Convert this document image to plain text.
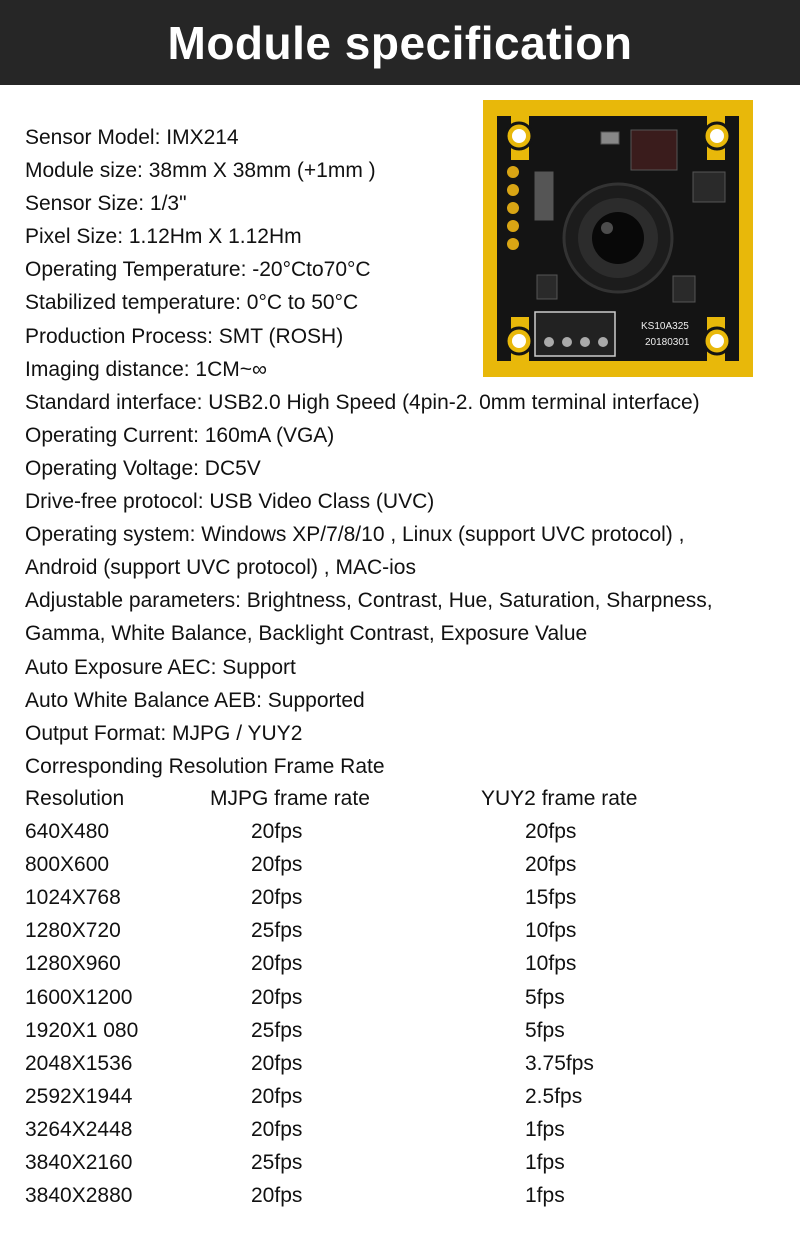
Module specification
Sensor Model: IMX214
Module size: 38mm X 38mm (+1mm )
Sensor Size: 1/3"
Pixel Size: 1.12Hm X 1.12Hm
Operating Temperature: -20°Cto70°C
Stabilized temperature: 0°C to 50°C
Production Process: SMT (ROSH)
Imaging distance: 1CM~∞
Standard interface: USB2.0 High Speed (4pin-2. 0mm terminal interface)
Operating Current: 160mA (VGA)
Operating Voltage: DC5V
Drive-free protocol: USB Video Class (UVC)
Operating system: Windows XP/7/8/10 , Linux (support UVC protocol) ,
Android (support UVC protocol) , MAC-ios
Adjustable parameters: Brightness, Contrast, Hue, Saturation, Sharpness,
Gamma, White Balance, Backlight Contrast, Exposure Value
Auto Exposure AEC: Support
Auto White Balance AEB: Supported
Output Format: MJPG / YUY2
Corresponding Resolution Frame Rate
Resolution	MJPG frame rate	YUY2 frame rate
640X480	20fps	20fps
800X600	20fps	20fps
1024X768	20fps	15fps
1280X720	25fps	10fps
1280X960	20fps	10fps
1600X1200	20fps	5fps
1920X1 080	25fps	5fps
2048X1536	20fps	3.75fps
2592X1944	20fps	2.5fps
3264X2448	20fps	1fps
3840X2160	25fps	1fps
3840X2880	20fps	1fps
KS10A325
20180301
